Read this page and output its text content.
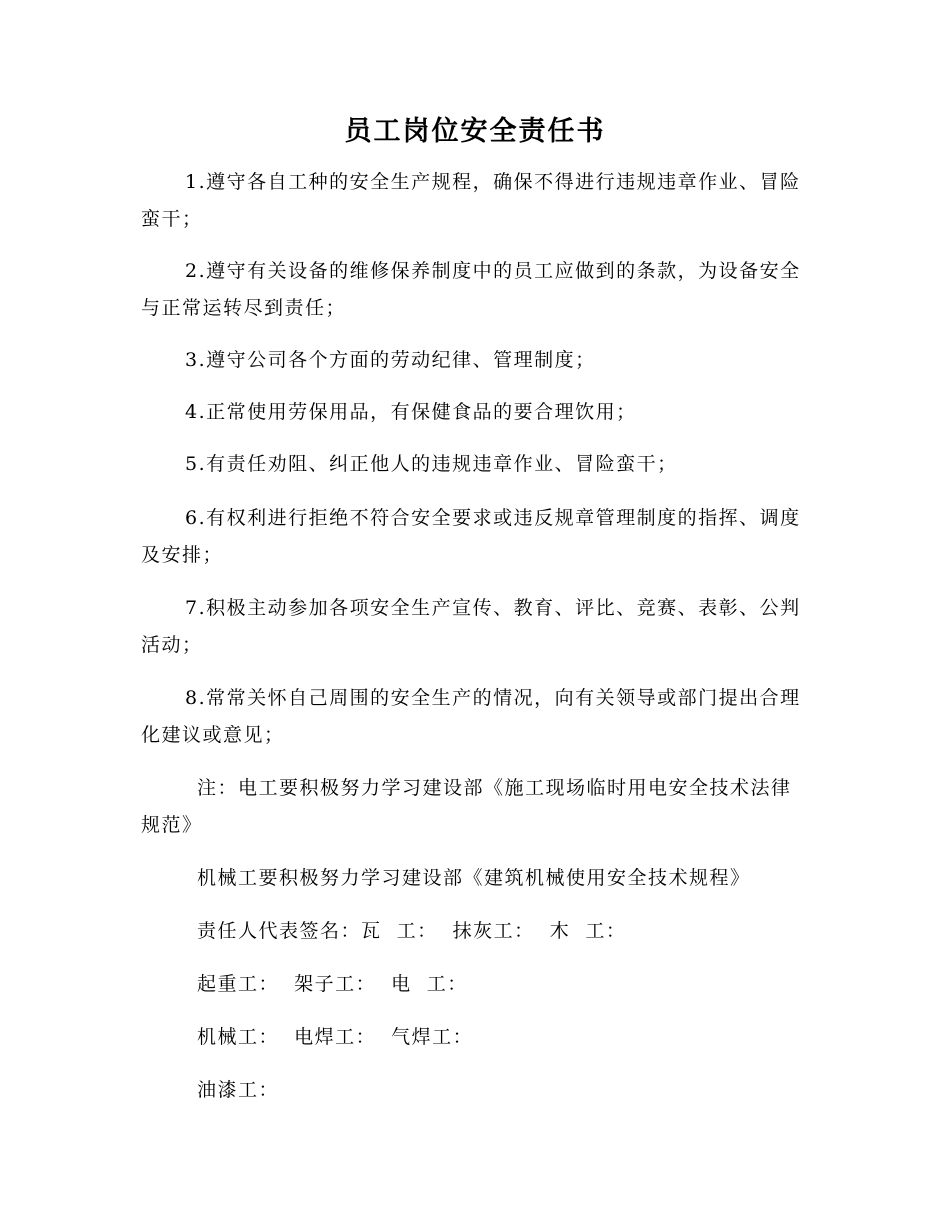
员工岗位安全责任书

1.遵守各自工种的安全生产规程，确保不得进行违规违章作业、冒险蛮干；

2.遵守有关设备的维修保养制度中的员工应做到的条款，为设备安全与正常运转尽到责任；

3.遵守公司各个方面的劳动纪律、管理制度；

4.正常使用劳保用品，有保健食品的要合理饮用；

5.有责任劝阻、纠正他人的违规违章作业、冒险蛮干；

6.有权利进行拒绝不符合安全要求或违反规章管理制度的指挥、调度及安排；

7.积极主动参加各项安全生产宣传、教育、评比、竞赛、表彰、公判活动；

8.常常关怀自己周围的安全生产的情况，向有关领导或部门提出合理化建议或意见；

注：电工要积极努力学习建设部《施工现场临时用电安全技术法律规范》

机械工要积极努力学习建设部《建筑机械使用安全技术规程》

责任人代表签名：瓦  工：  抹灰工：  木  工：

起重工：  架子工：  电  工：

机械工：  电焊工：  气焊工：

油漆工：
